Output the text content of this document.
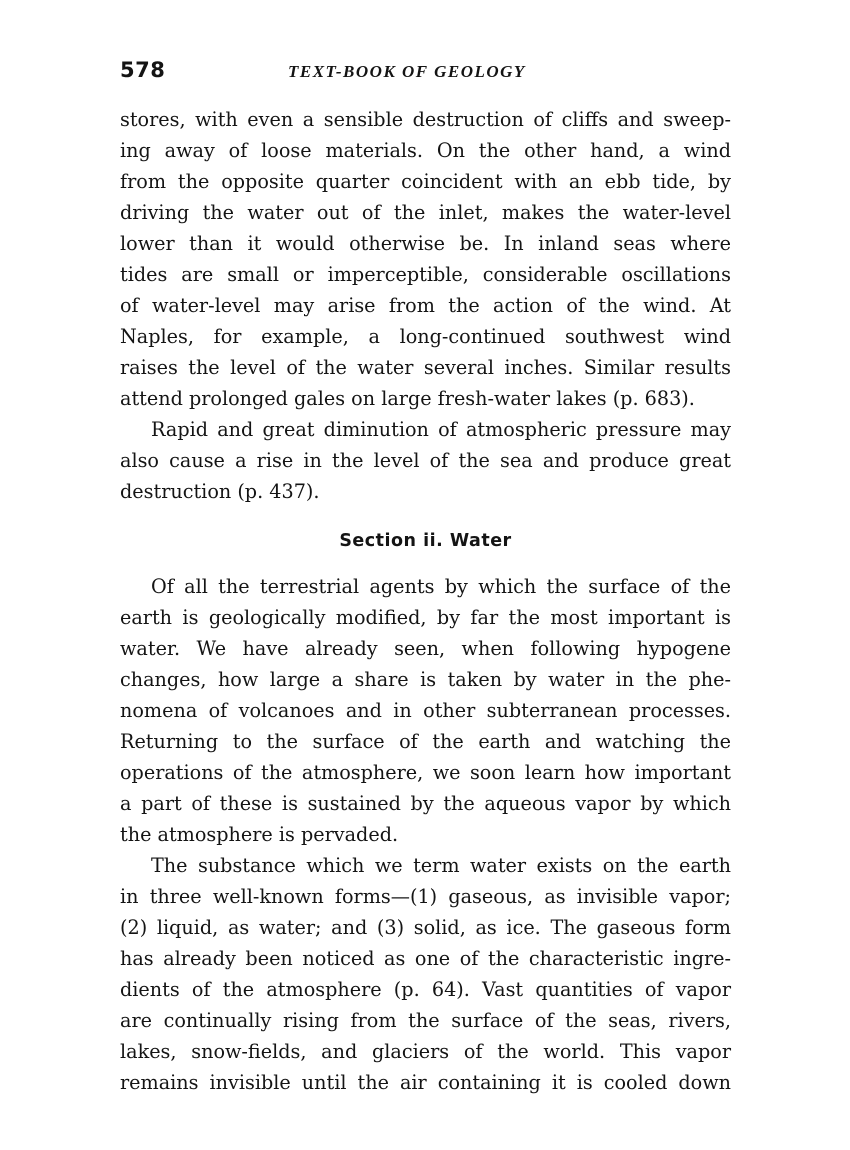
578	TEXT-BOOK OF GEOLOGY
stores, with even a sensible destruction of cliffs and sweep-
ing away of loose materials. On the other hand, a wind
from the opposite quarter coincident with an ebb tide, by
driving the water out of the inlet, makes the water-level
lower than it would otherwise be. In inland seas where
tides are small or imperceptible, considerable oscillations
of water-level may arise from the action of the wind. At
Naples, for example, a long-continued southwest wind
raises the level of the water several inches. Similar results
attend prolonged gales on large fresh-water lakes (p. 683).
Rapid and great diminution of atmospheric pressure may
also cause a rise in the level of the sea and produce great
destruction (p. 437).
Section ii. Water
Of all the terrestrial agents by which the surface of the
earth is geologically modified, by far the most important is
water. We have already seen, when following hypogene
changes, how large a share is taken by water in the phe-
nomena of volcanoes and in other subterranean processes.
Returning to the surface of the earth and watching the
operations of the atmosphere, we soon learn how important
a part of these is sustained by the aqueous vapor by which
the atmosphere is pervaded.
The substance which we term water exists on the earth
in three well-known forms—(1) gaseous, as invisible vapor;
(2) liquid, as water; and (3) solid, as ice. The gaseous form
has already been noticed as one of the characteristic ingre-
dients of the atmosphere (p. 64). Vast quantities of vapor
are continually rising from the surface of the seas, rivers,
lakes, snow-fields, and glaciers of the world. This vapor
remains invisible until the air containing it is cooled down
